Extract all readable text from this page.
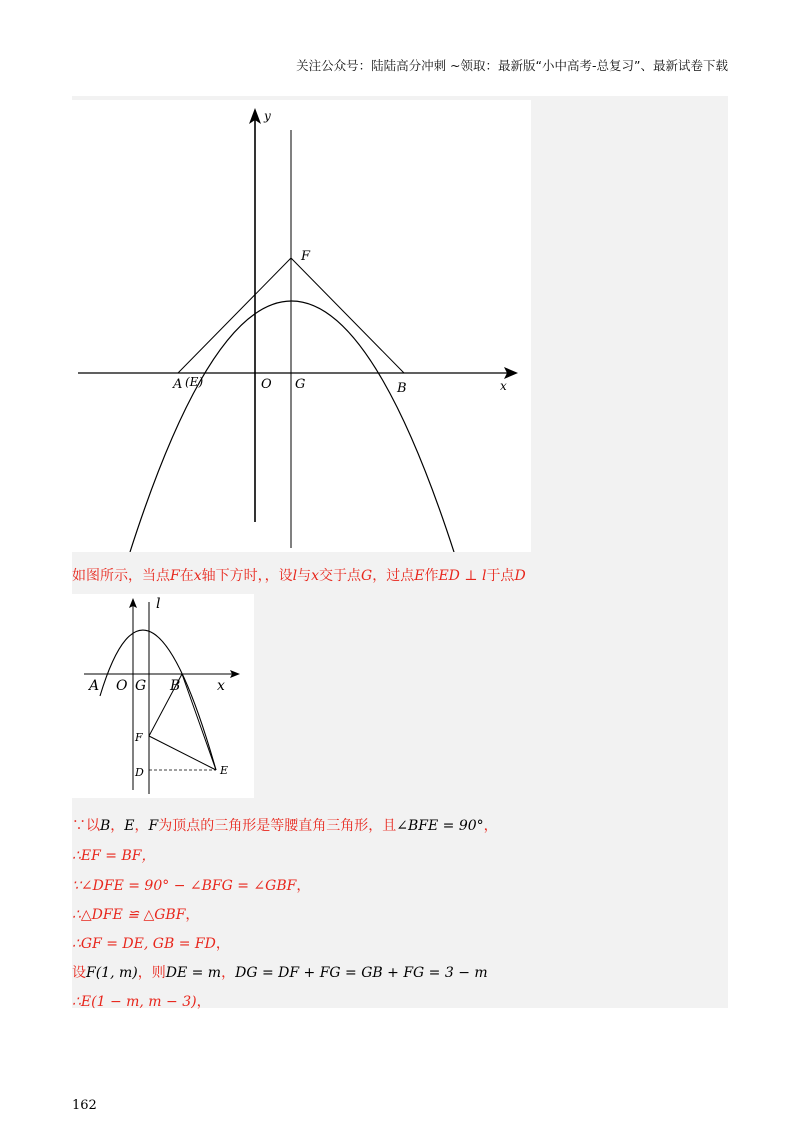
关注公众号：陆陆高分冲刺 ~领取：最新版“小中高考-总复习”、最新试卷下载
y
x
F
A (E)	O G	B
如图所示，当点F在x轴下方时，，设l与x交于点G，过点E作ED ⊥ l于点D
l
A O G B	x
F
D	E
∵以B，E，F为顶点的三角形是等腰直角三角形，且∠BFE = 90°，
∴EF = BF，
∵∠DFE = 90° − ∠BFG = ∠GBF，
∴△DFE ≌ △GBF，
∴GF = DE, GB = FD，
设F(1, m)，则DE = m，DG = DF + FG = GB + FG = 3 − m
∴E(1 − m, m − 3)，
162
